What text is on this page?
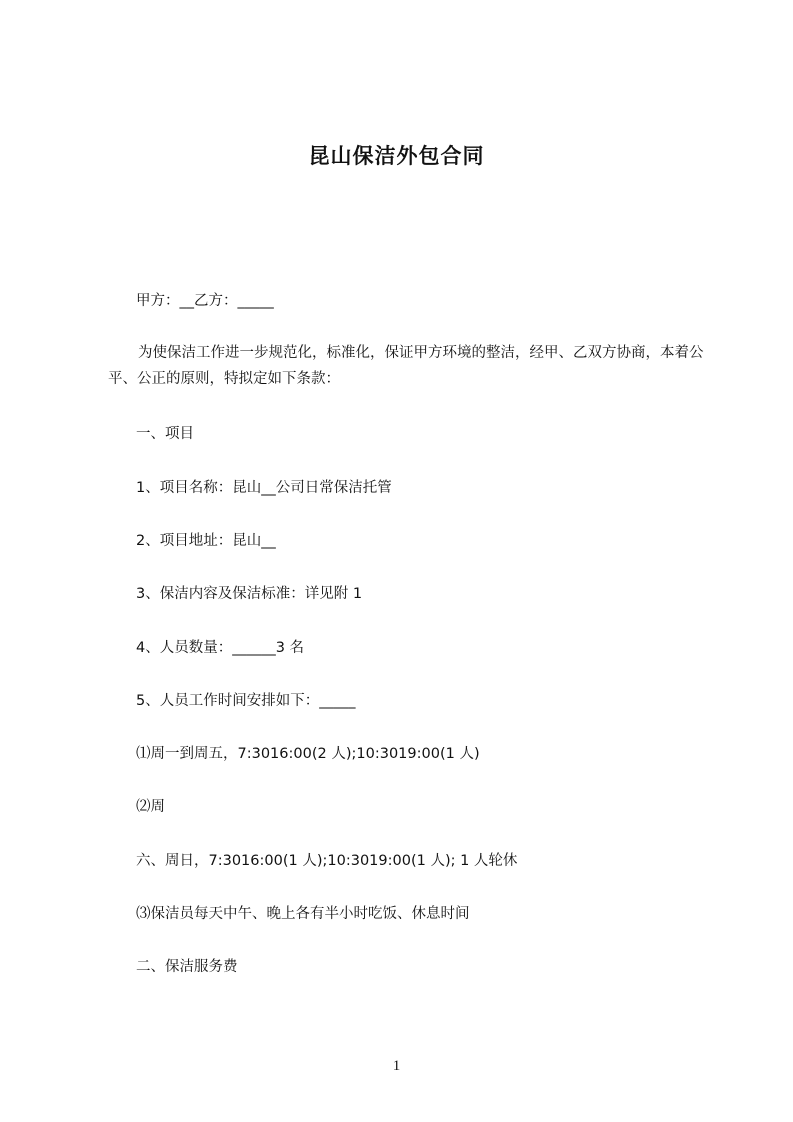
昆山保洁外包合同
甲方：__乙方：_____
为使保洁工作进一步规范化，标准化，保证甲方环境的整洁，经甲、乙双方协商，本着公平、公正的原则，特拟定如下条款：
一、项目
1、项目名称：昆山__公司日常保洁托管
2、项目地址：昆山__
3、保洁内容及保洁标准：详见附 1
4、人员数量：______3 名
5、人员工作时间安排如下：_____
⑴周一到周五，7:3016:00(2 人);10:3019:00(1 人)
⑵周
六、周日，7:3016:00(1 人);10:3019:00(1 人); 1 人轮休
⑶保洁员每天中午、晚上各有半小时吃饭、休息时间
二、保洁服务费
1
